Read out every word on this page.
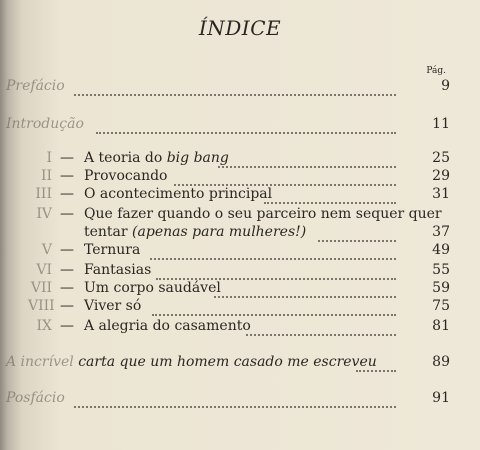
ÍNDICE
Pág.
Prefácio	9
Introdução	11
I — A teoria do big bang	25
II — Provocando	29
III — O acontecimento principal	31
IV — Que fazer quando o seu parceiro nem sequer quer
tentar (apenas para mulheres!)	37
V — Ternura	49
VI — Fantasias	55
VII — Um corpo saudável	59
VIII — Viver só	75
IX — A alegria do casamento	81
A incrível carta que um homem casado me escreveu	89
Posfácio	91
